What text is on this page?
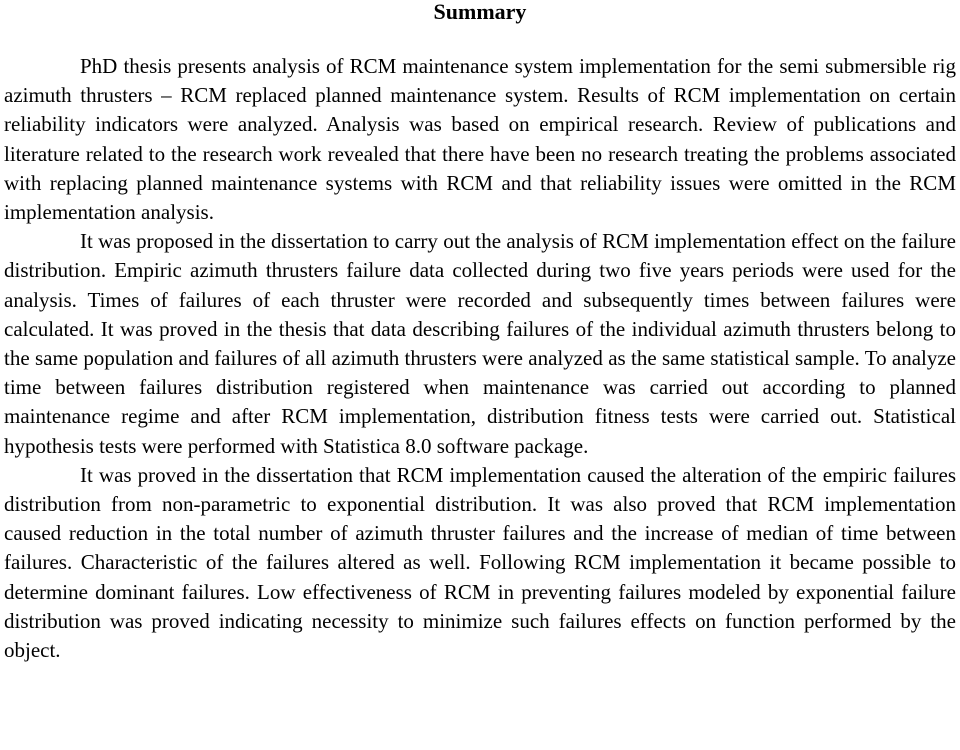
Summary

PhD thesis presents analysis of RCM maintenance system implementation for the semi submersible rig azimuth thrusters – RCM replaced planned maintenance system. Results of RCM implementation on certain reliability indicators were analyzed. Analysis was based on empirical research. Review of publications and literature related to the research work revealed that there have been no research treating the problems associated with replacing planned maintenance systems with RCM and that reliability issues were omitted in the RCM implementation analysis.

It was proposed in the dissertation to carry out the analysis of RCM implementation effect on the failure distribution. Empiric azimuth thrusters failure data collected during two five years periods were used for the analysis. Times of failures of each thruster were recorded and subsequently times between failures were calculated. It was proved in the thesis that data describing failures of the individual azimuth thrusters belong to the same population and failures of all azimuth thrusters were analyzed as the same statistical sample. To analyze time between failures distribution registered when maintenance was carried out according to planned maintenance regime and after RCM implementation, distribution fitness tests were carried out. Statistical hypothesis tests were performed with Statistica 8.0 software package.

It was proved in the dissertation that RCM implementation caused the alteration of the empiric failures distribution from non-parametric to exponential distribution. It was also proved that RCM implementation caused reduction in the total number of azimuth thruster failures and the increase of median of time between failures. Characteristic of the failures altered as well. Following RCM implementation it became possible to determine dominant failures. Low effectiveness of RCM in preventing failures modeled by exponential failure distribution was proved indicating necessity to minimize such failures effects on function performed by the object.
